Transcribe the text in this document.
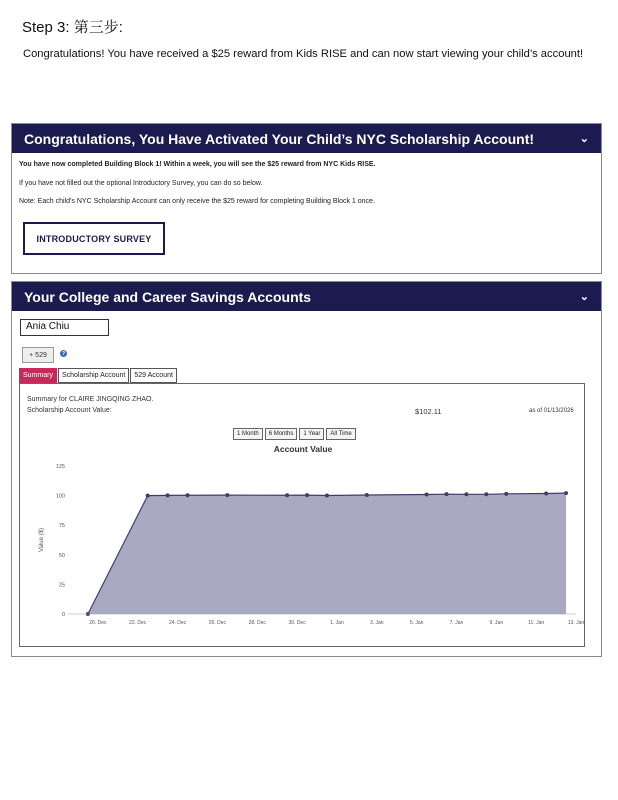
Step 3: 第三步:
Congratulations! You have received a $25 reward from Kids RISE and can now start viewing your child’s account!
Congratulations, You Have Activated Your Child’s NYC Scholarship Account!	⌄

You have now completed Building Block 1! Within a week, you will see the $25 reward from NYC Kids RISE.

If you have not filled out the optional Introductory Survey, you can do so below.

Note: Each child’s NYC Scholarship Account can only receive the $25 reward for completing Building Block 1 once.

INTRODUCTORY SURVEY
Your College and Career Savings Accounts	⌄
Ania Chiu
+ 529	?
Summary	Scholarship Account	529 Account
Summary for CLAIRE JINGQING ZHAO.
Scholarship Account Value:	$102.11	as of 01/13/2026
1 Month	6 Months	1 Year	All Time
Account Value
0
25
50
75
100
125
Value ($)
20. Dec	22. Dec	24. Dec	26. Dec	28. Dec	30. Dec	1. Jan	3. Jan	5. Jan	7. Jan	9. Jan	11. Jan	13. Jan
